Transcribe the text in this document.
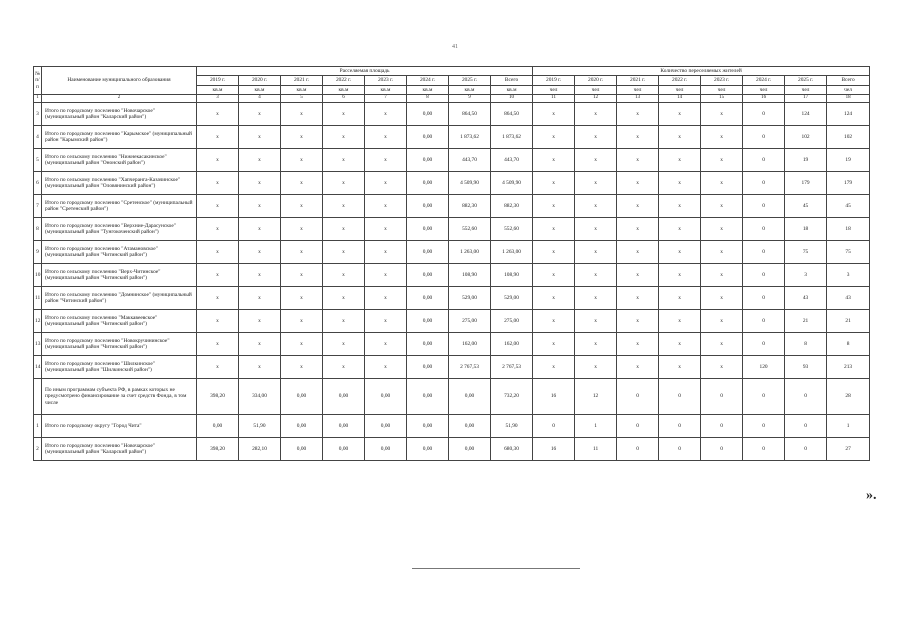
41
№ п/п	Наименование муниципального образования	Расселяемая площадь								Количество переселяемых жителей							
		2019 г.	2020 г.	2021 г.	2022 г.	2023 г.	2024 г.	2025 г.	Всего	2019 г.	2020 г.	2021 г.	2022 г.	2023 г.	2024 г.	2025 г.	Всего
		кв.м	кв.м	кв.м	кв.м	кв.м	кв.м	кв.м	кв.м	чел	чел	чел	чел	чел	чел	чел	чел
1	2	3	4	5	6	7	8	9	10	11	12	13	14	15	16	17	18
3	Итого по городскому поселению "Новочарское" (муниципальный район "Каларский район")	х	х	х	х	х	0,00	864,50	864,50	х	х	х	х	х	0	124	124
4	Итого по городскому поселению "Карымское" (муниципальный район "Карымский район")	х	х	х	х	х	0,00	1 873,62	1 873,62	х	х	х	х	х	0	102	102
5	Итого по сельскому поселению "Нижнекасакинское" (муниципальный район "Ононский район")	х	х	х	х	х	0,00	443,70	443,70	х	х	х	х	х	0	19	19
6	Итого по сельскому поселению "Хапчеранга-Казачинское" (муниципальный район "Оловянинский район")	х	х	х	х	х	0,00	4 509,90	4 509,90	х	х	х	х	х	0	179	179
7	Итого по городскому поселению "Сретенское" (муниципальный район "Сретенский район")	х	х	х	х	х	0,00	882,30	882,30	х	х	х	х	х	0	45	45
8	Итого по городскому поселению "Верхние-Дарасунское" (муниципальный район "Тунгокоченский район")	х	х	х	х	х	0,00	552,60	552,60	х	х	х	х	х	0	18	18
9	Итого по городскому поселению "Атамановское" (муниципальный район "Читинский район")	х	х	х	х	х	0,00	1 263,00	1 263,00	х	х	х	х	х	0	75	75
10	Итого по сельскому поселению "Верх-Читинское" (муниципальный район "Читинский район")	х	х	х	х	х	0,00	108,90	108,90	х	х	х	х	х	0	3	3
11	Итого по сельскому поселению "Домнинское" (муниципальный район "Читинский район")	х	х	х	х	х	0,00	529,00	529,00	х	х	х	х	х	0	43	43
12	Итого по сельскому поселению "Маккавеевское" (муниципальный район "Читинский район")	х	х	х	х	х	0,00	275,00	275,00	х	х	х	х	х	0	21	21
13	Итого по городскому поселению "Новокручининское" (муниципальный район "Читинский район")	х	х	х	х	х	0,00	162,00	162,00	х	х	х	х	х	0	8	8
14	Итого по городскому поселению "Шилкинское" (муниципальный район "Шилкинский район")	х	х	х	х	х	0,00	2 767,53	2 767,53	х	х	х	х	х	120	93	213
	По иным программам субъекта РФ, в рамках которых не предусмотрено финансирование за счет средств Фонда, в том числе	398,20	334,00	0,00	0,00	0,00	0,00	0,00	732,20	16	12	0	0	0	0	0	28
1	Итого по городскому округу "Город Чита"	0,00	51,90	0,00	0,00	0,00	0,00	0,00	51,90	0	1	0	0	0	0	0	1
2	Итого по городскому поселению "Новочарское" (муниципальный район "Каларский район")	398,20	282,10	0,00	0,00	0,00	0,00	0,00	680,30	16	11	0	0	0	0	0	27
».
